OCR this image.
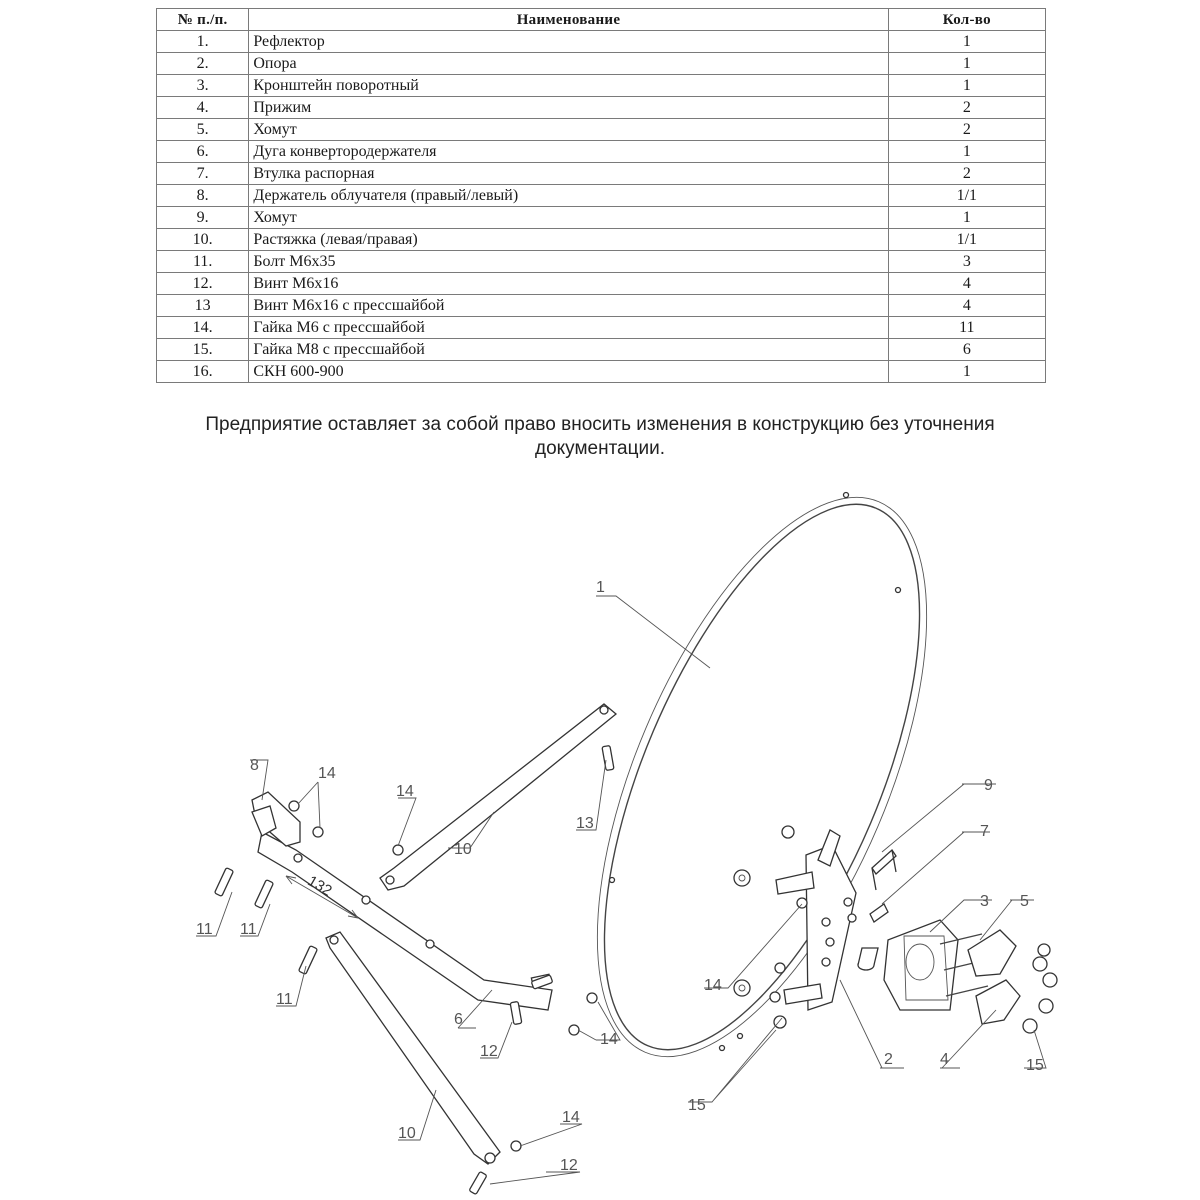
№ п./п.	Наименование	Кол-во
1.	Рефлектор	1
2.	Опора	1
3.	Кронштейн поворотный	1
4.	Прижим	2
5.	Хомут	2
6.	Дуга конвертородержателя	1
7.	Втулка распорная	2
8.	Держатель облучателя (правый/левый)	1/1
9.	Хомут	1
10.	Растяжка (левая/правая)	1/1
11.	Болт М6х35	3
12.	Винт М6х16	4
13	Винт М6х16 с прессшайбой	4
14.	Гайка М6 с прессшайбой	11
15.	Гайка М8 с прессшайбой	6
16.	СКН 600-900	1
Предприятие оставляет за собой право вносить изменения в конструкцию без уточнения
документации.
132
1
2
3
4
5
6
7
8
9
10
10
11 11
11
12
12
13
14
14
14
14
14
15
15
